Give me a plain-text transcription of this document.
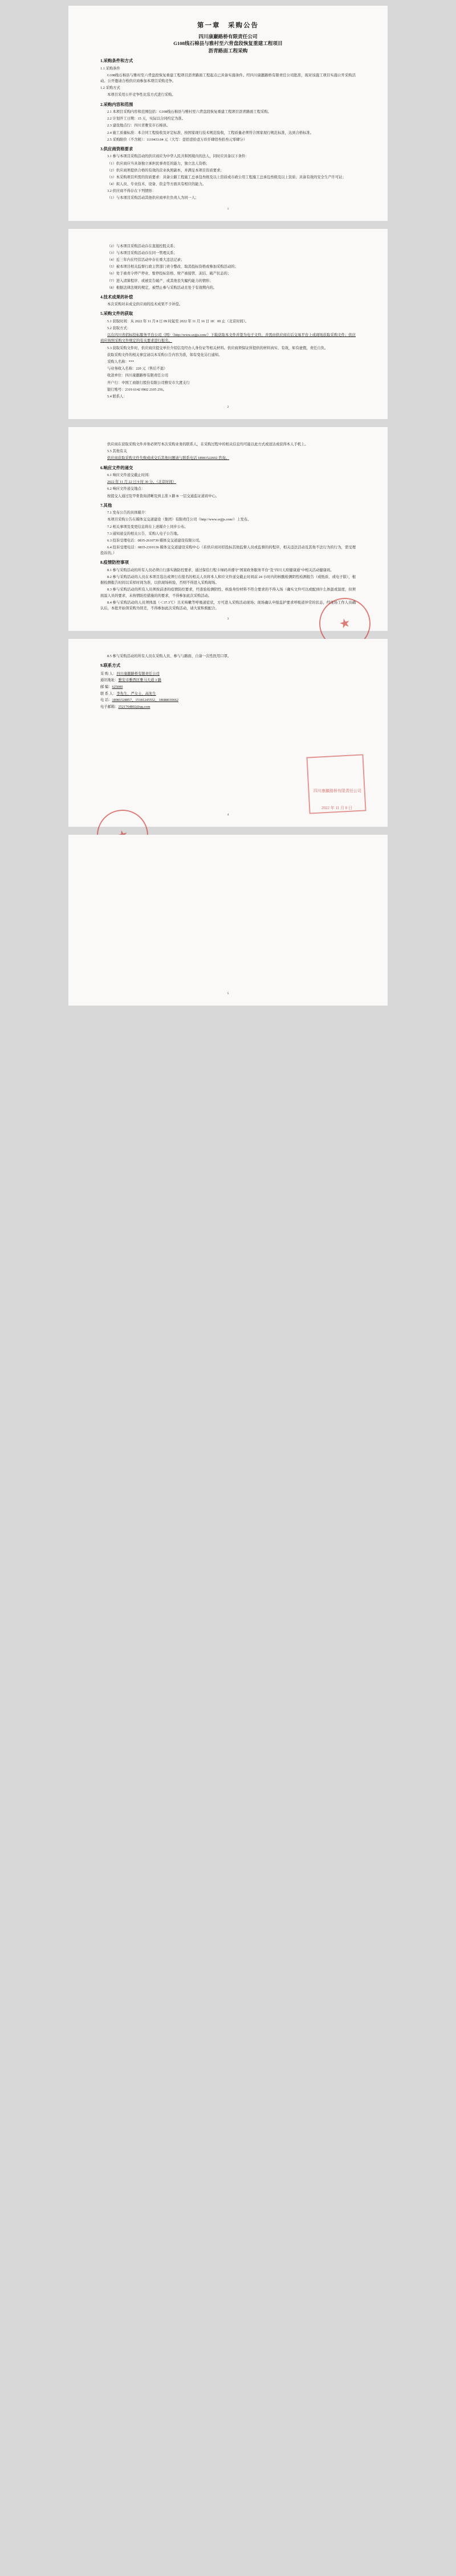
第一章　采购公告
四川康巖路桥有限责任公司
G108线石棉县与雅村至六背盘段恢复重建工程项目
沥青路面工程采购
1.采购条件和方式

1.1 采购条件

G108线石棉县与雅村至六背盘段恢复重建工程项目沥青路面工程起点已具备实施条件。经四川康巖路桥有限责任公司批准，现对该施工项目实施公开采购活动。公开邀请合格供应商参加本项目采购竞争。

1.2 采购方式

本项目采用公开竞争性比选方式进行采购。

2.采购内容和范围

2.1 本项目采购内容和范围包括：G108线石棉县与雅村至六背盘段恢复重建工程项目沥青路面工程采购。

2.2 计划开工日期：15 天，实际以合同约定为准。

2.3 建设地点行：四川省雅安市石棉县。

2.4 施工质量标准：本合同工程验收及评定标准，按国家现行技术规范验收，工程质量必须符合国家现行规范标准，达到合格标准。

2.5 采购限价（不含税）：1119433.04 元（大写：壹佰壹拾壹万玖仟肆佰叁拾叁元零肆分）

3.供应商资格要求

3.1 参与本项目采购活动的供应商应为中华人民共和国境内的法人，同时应具备以下条件：

（1）供应商应当具备独立承担民事责任的能力，独立法人资格；

（2）供应商须提供合格的有效的营业执照副本，并满足本项目资质要求；

（3）本采购项目所需的资质要求：具备公路工程施工总承包叁级及以上资质或市政公用工程施工总承包叁级及以上资质；具备有效的安全生产许可证；

（4）拟人员、专业技术、设备、资金等方面具有相应的能力。

3.2 供应商不得存在下列情形：

（1）与本项目采购活动其他供应商单位负责人为同一人；

1

（2）与本项目采购活动存在直接控股关系；

（3）与本项目采购活动存在同一管理关系；

（4）近三年内在经营活动中存在重大违法记录；

（5）被本项目相关监督行政主管部门责令整改、取消投标资格或参加采购活动的；

（6）处于被责令停产停业、暂停投标资格、财产被接管、冻结、破产状态的；

（7）进入清算程序、或被宣告破产、或其他丧失履约能力的情形；

（8）根据法律法规的规定，被禁止参与采购活动且处于有效期内的。

4.技术成果的补偿

本次采购对未成交供应商的技术成果不予补偿。

5.采购文件的获取

5.1 获取时间：从 2022 年 11 月 8 日 09 时起至 2022 年 11 月 16 日 18：00 止（北京时间）。

5.2 获取方式：

以在四川省招标投标服务平台公司（网）（http://www.sxjjjs.com/）下载获取本文件并签为电子文件，并需由供应商在后交易平台上或现场获取采购文件；供应商应按照采购文件规定的有关要求进行报名。

5.3 获取采购文件时，供应商应提交单位介绍信及经办人身份证等相关材料。供应商须保证所提供的材料真实、有效，如有虚假，责任自负。

获取采购文件的相关事宜请以本采购公告内容为准，如有变化另行通知。

采购人名称：***

与业务收入名称：220 元（售后不退）

收款单位：四川康巖路桥有限责任公司

开户行：中国工商银行股份有限公司雅安市大渡支行

银行账号：2319 6142 0902 2105 256。

5.4 联系人：

2

供应商在获取采购文件并务必须写本次采购业务的联系人，在采购过程中的相关信息均可能以此方式或送达或获得本人手机上。

5.5 其他有关

供应商获取采购文件失败或成交后其他问题请与联系电话 18981522602 咨询。

6.响应文件的递交

6.1 响应文件递交截止时间：

2022 年 11 月 22 日 9 时 30 分。（北京时间）

6.2 响应文件递交地点：

按提交人通过及甲骨查询清晰及到主准 3 路 B 一层交通监证道码中心。

7.其他

7.1 发布公告的具体媒介：

本项目采购公告在媒体交交道建设（集团）有限责任公司（http://www.sxjjjs.com/）上发布。

7.2 相关事项及变更信息将在上述媒介上同步公布。

7.3 通知递交的相关公告、采购人电子公告地。

6.3 投诉受理电话：0835-2610739 媒体交交道建设有限公司。

6.4 投诉受理电话：0835-2310136 媒体交交道建设采购中心（若供应商对招投标其他监督人员或监督的的程序，相关违法活动及其他不法行为的行为，需受理投诉的。）

8.疫情防控事项

8.1 参与采购活动的所有人员必须自行落实做防控要求，通过保佳行程卡绿码并遵守"国家政务服务平台"及"四川天府健康通"中相关活动健康码。

8.2 参与采购活动的人员在本项目选出或须行在报名的相关人员将本人和应文件递交截止时间前 24 小时内的核酸检测阴性检测报告（或纸质、或电子版），根据检测报告时间以采样时间为准，以供现场核验，否则不得进入采购现场。

8.3 参与采购活动的所有人员须按前述的疫情防控要求，经查验检测阴性、核验身份材料不符合要求的不得入场（确实文件可以或配到什么体温或温度，但须面温人员的要求，未按情防控措施的的要求，不得参加此次采购活动。

8.4 参与采购活动的人员须体温（＜37.3℃）且无咳嗽等呼吸道症状，方可进入采购活动现场；现场确认申报监护要求呼吸道异常的状态，经现场工作人员确认后，本批开始领采购为误差，不得参加此次采购活动，请大家积极配合。

★
3

8.5 参与采购活动的所有人员在采购人员、参与与路面、自备一次性医用口罩。

9.联系方式

采 购 人：四川康巖路桥有限责任公司

通讯地址：雅安市雅西区雅马大道 3 路

邮 编：625000

联 系 人：李先生、严女士、高先生

电 话：18981528857、15181245552、18688030662

电子邮箱：2521764802@qq.com

四川康巖路桥有限责任公司
2022 年 11 月 8 日
4
5
